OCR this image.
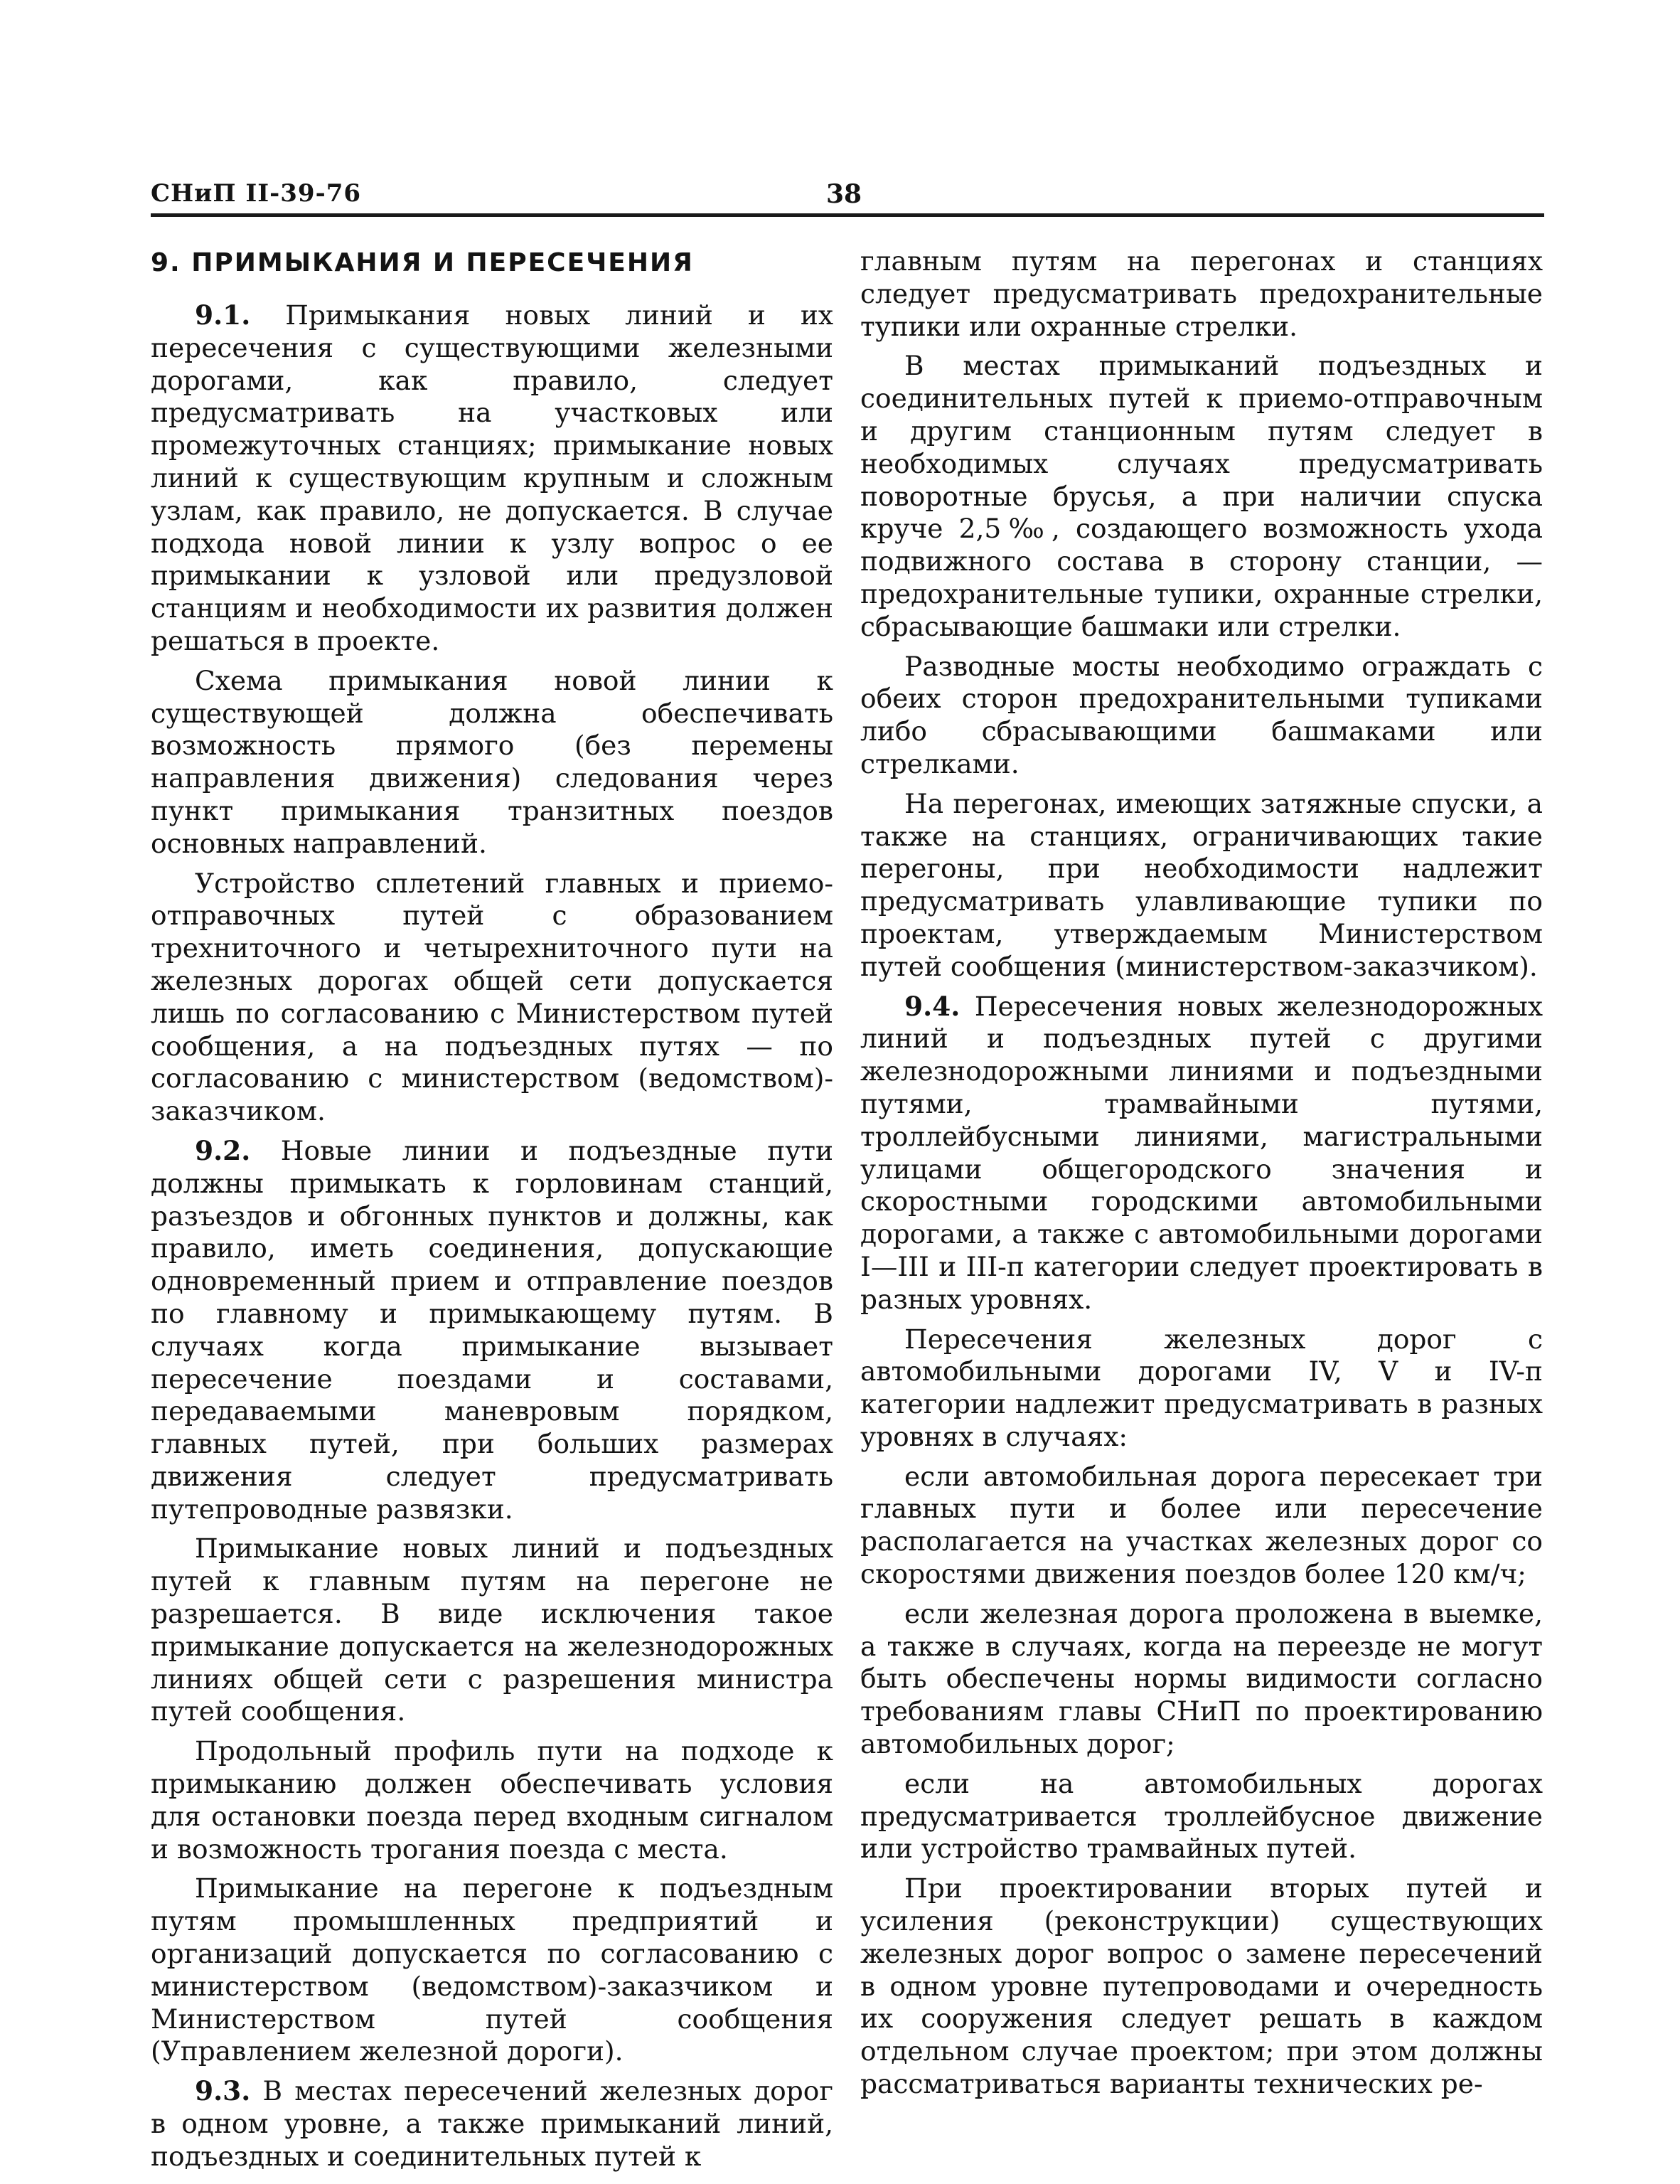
СНиП II-39-76	38
9. ПРИМЫКАНИЯ И ПЕРЕСЕЧЕНИЯ

9.1. Примыкания новых линий и их пересечения с существующими железными дорогами, как правило, следует предусматривать на участковых или промежуточных станциях; примыкание новых линий к существующим крупным и сложным узлам, как правило, не допускается. В случае подхода новой линии к узлу вопрос о ее примыкании к узловой или предузловой станциям и необходимости их развития должен решаться в проекте.

Схема примыкания новой линии к существующей должна обеспечивать возможность прямого (без перемены направления движения) следования через пункт примыкания транзитных поездов основных направлений.

Устройство сплетений главных и приемо-отправочных путей с образованием трехниточного и четырехниточного пути на железных дорогах общей сети допускается лишь по согласованию с Министерством путей сообщения, а на подъездных путях — по согласованию с министерством (ведомством)-заказчиком.

9.2. Новые линии и подъездные пути должны примыкать к горловинам станций, разъездов и обгонных пунктов и должны, как правило, иметь соединения, допускающие одновременный прием и отправление поездов по главному и примыкающему путям. В случаях когда примыкание вызывает пересечение поездами и составами, передаваемыми маневровым порядком, главных путей, при больших размерах движения следует предусматривать путепроводные развязки.

Примыкание новых линий и подъездных путей к главным путям на перегоне не разрешается. В виде исключения такое примыкание допускается на железнодорожных линиях общей сети с разрешения министра путей сообщения.

Продольный профиль пути на подходе к примыканию должен обеспечивать условия для остановки поезда перед входным сигналом и возможность трогания поезда с места.

Примыкание на перегоне к подъездным путям промышленных предприятий и организаций допускается по согласованию с министерством (ведомством)-заказчиком и Министерством путей сообщения (Управлением железной дороги).

9.3. В местах пересечений железных дорог в одном уровне, а также примыканий линий, подъездных и соединительных путей к

главным путям на перегонах и станциях следует предусматривать предохранительные тупики или охранные стрелки.

В местах примыканий подъездных и соединительных путей к приемо-отправочным и другим станционным путям следует в необходимых случаях предусматривать поворотные брусья, а при наличии спуска круче 2,5‰, создающего возможность ухода подвижного состава в сторону станции, — предохранительные тупики, охранные стрелки, сбрасывающие башмаки или стрелки.

Разводные мосты необходимо ограждать с обеих сторон предохранительными тупиками либо сбрасывающими башмаками или стрелками.

На перегонах, имеющих затяжные спуски, а также на станциях, ограничивающих такие перегоны, при необходимости надлежит предусматривать улавливающие тупики по проектам, утверждаемым Министерством путей сообщения (министерством-заказчиком).

9.4. Пересечения новых железнодорожных линий и подъездных путей с другими железнодорожными линиями и подъездными путями, трамвайными путями, троллейбусными линиями, магистральными улицами общегородского значения и скоростными городскими автомобильными дорогами, а также с автомобильными дорогами I—III и III-п категории следует проектировать в разных уровнях.

Пересечения железных дорог с автомобильными дорогами IV, V и IV-п категории надлежит предусматривать в разных уровнях в случаях:

если автомобильная дорога пересекает три главных пути и более или пересечение располагается на участках железных дорог со скоростями движения поездов более 120 км/ч;

если железная дорога проложена в выемке, а также в случаях, когда на переезде не могут быть обеспечены нормы видимости согласно требованиям главы СНиП по проектированию автомобильных дорог;

если на автомобильных дорогах предусматривается троллейбусное движение или устройство трамвайных путей.

При проектировании вторых путей и усиления (реконструкции) существующих железных дорог вопрос о замене пересечений в одном уровне путепроводами и очередность их сооружения следует решать в каждом отдельном случае проектом; при этом должны рассматриваться варианты технических ре-
